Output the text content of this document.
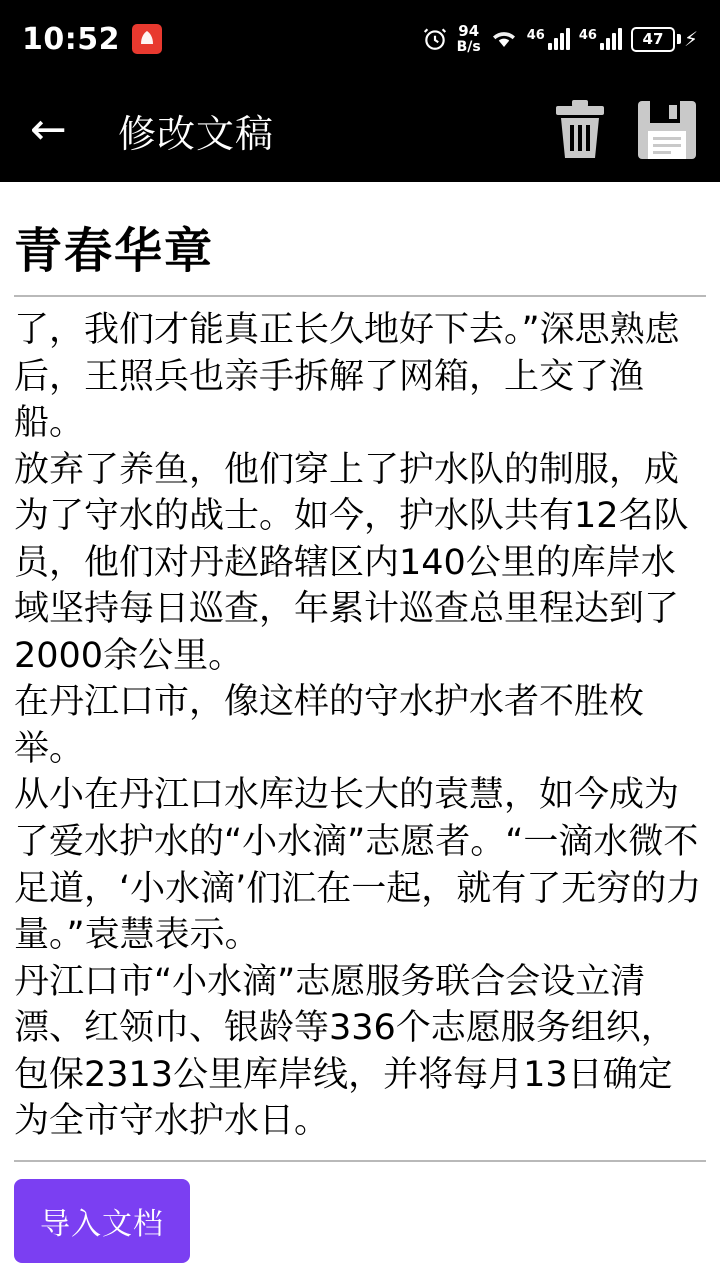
10:52	94
B/s
46	46	47	⚡
←	修改文稿
青春华章

了，我们才能真正长久地好下去。”深思熟虑后，王照兵也亲手拆解了网箱，上交了渔船。

放弃了养鱼，他们穿上了护水队的制服，成为了守水的战士。如今，护水队共有12名队员，他们对丹赵路辖区内140公里的库岸水域坚持每日巡查，年累计巡查总里程达到了2000余公里。

在丹江口市，像这样的守水护水者不胜枚举。

从小在丹江口水库边长大的袁慧，如今成为了爱水护水的“小水滴”志愿者。“一滴水微不足道，‘小水滴’们汇在一起，就有了无穷的力量。”袁慧表示。

丹江口市“小水滴”志愿服务联合会设立清漂、红领巾、银龄等336个志愿服务组织，包保2313公里库岸线，并将每月13日确定为全市守水护水日。

导入文档
